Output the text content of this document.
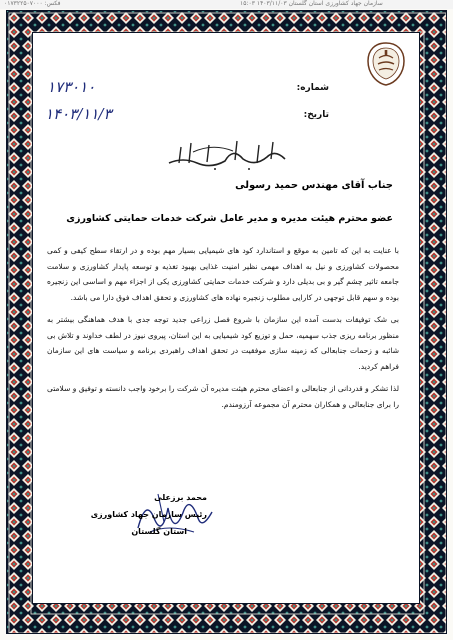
فکس: ۰۱۷۳۲۲۵۰۷۰۰۰	سازمان جهاد کشاورزی استان گلستان ۱۴۰۳/۱۱/۰۳ ۱۵:۰۳
شماره:
۱۷۳۰۱۰
تاریخ:
۱۴۰۳/۱۱/۳
جناب آقای مهندس حمید رسولی
عضو محترم هیئت مدیره و مدیر عامل شرکت خدمات حمایتی کشاورزی

با عنایت به این که تامین به موقع و استاندارد کود های شیمیایی بسیار مهم بوده و در ارتقاء سطح کیفی و کمی محصولات کشاورزی و نیل به اهداف مهمی نظیر امنیت غذایی بهبود تغذیه و توسعه پایدار کشاورزی و سلامت جامعه تاثیر چشم گیر و بی بدیلی دارد و شرکت خدمات حمایتی کشاورزی یکی از اجزاء مهم و اساسی این زنجیره بوده و سهم قابل توجهی در کارایی مطلوب زنجیره نهاده های کشاورزی و تحقق اهداف فوق دارا می باشد.

بی شک توفیقات بدست آمده این سازمان با شروع فصل زراعی جدید توجه جدی با هدف هماهنگی بیشتر به منظور برنامه ریزی جذب سهمیه، حمل و توزیع کود شیمیایی به این استان، پیروی نیوز در لطف خداوند و تلاش بی شائبه و زحمات جنابعالی که زمینه سازی موفقیت در تحقق اهداف راهبردی برنامه و سیاست های این سازمان فراهم کردید.

لذا تشکر و قدردانی از جنابعالی و اعضای محترم هیئت مدیره آن شرکت را برخود واجب دانسته و توفیق و سلامتی را برای جنابعالی و همکاران محترم آن مجموعه آرزومندم.

محمد برزعلی
رئیس سازمان جهاد کشاورزی
استان گلستان
